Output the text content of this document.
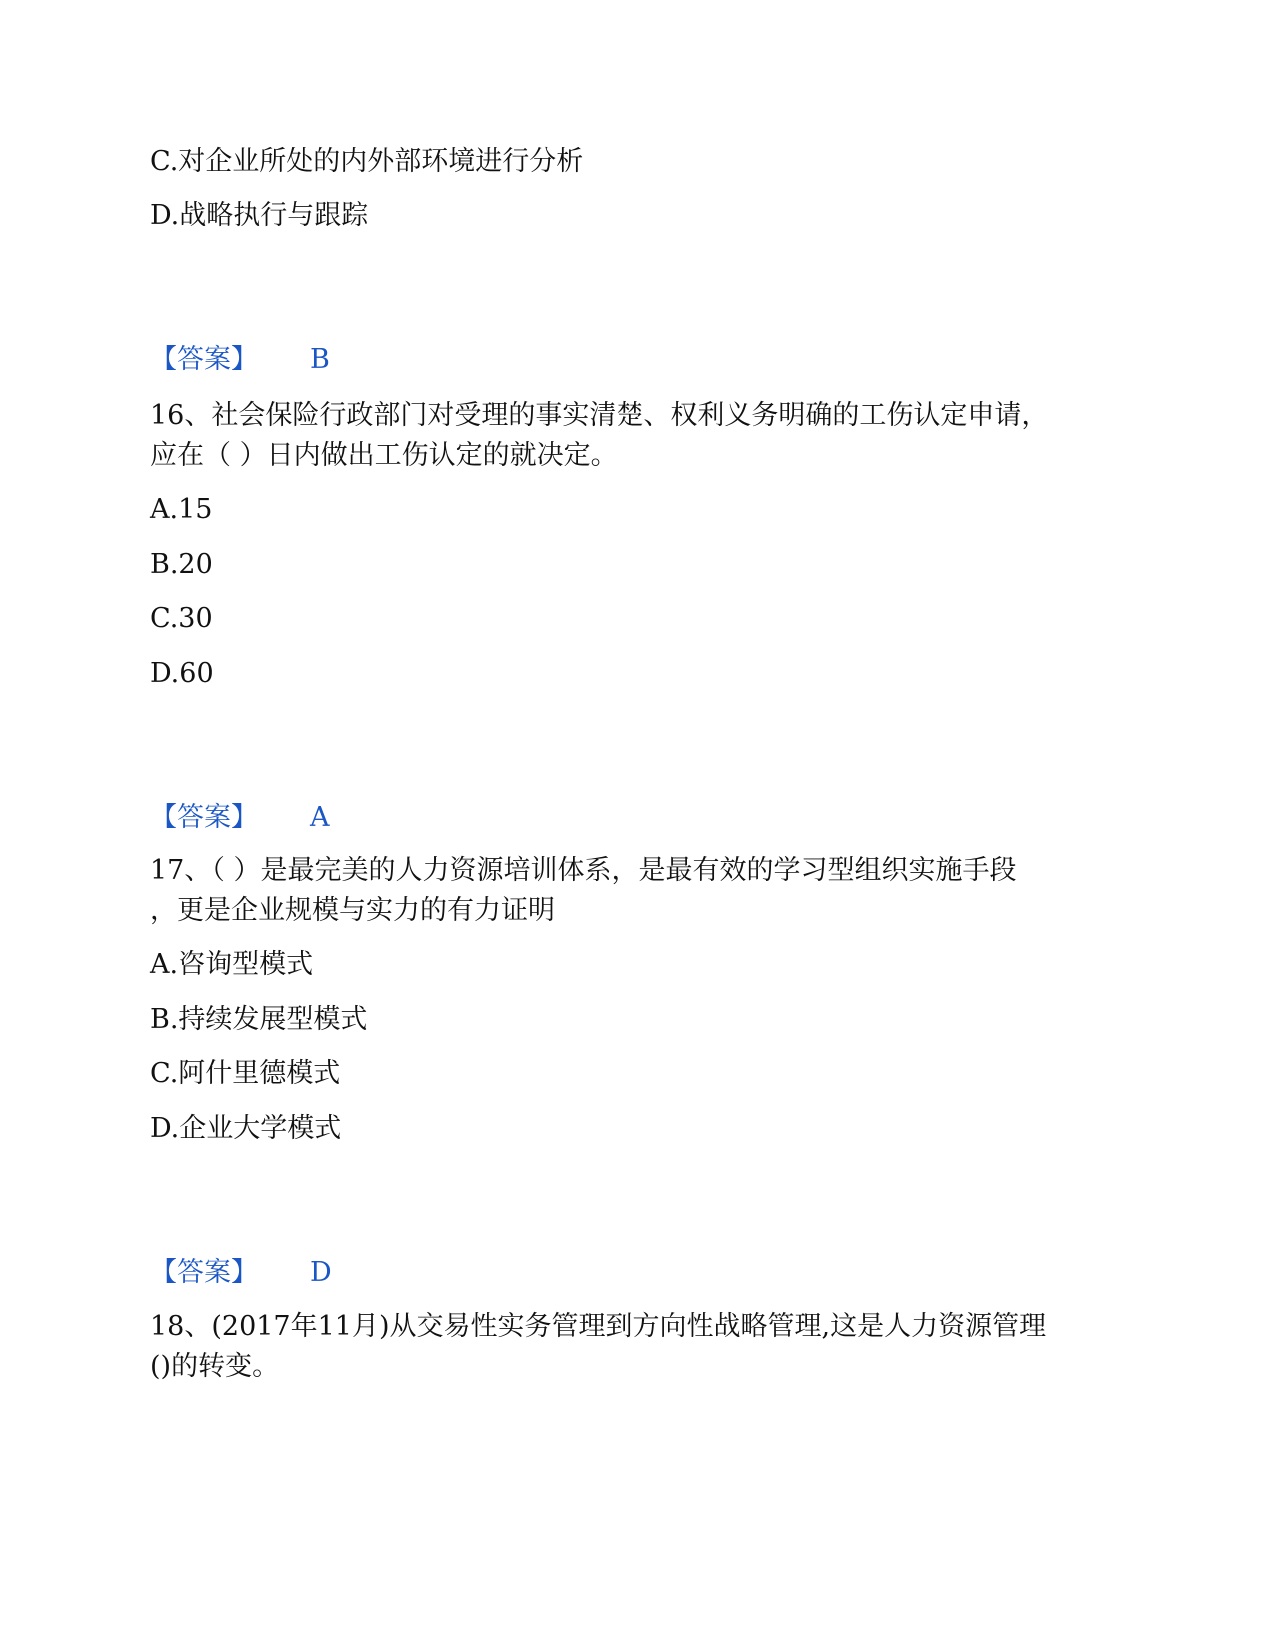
C.对企业所处的内外部环境进行分析
D.战略执行与跟踪
【答案】 B
16、社会保险行政部门对受理的事实清楚、权利义务明确的工伤认定申请，
应在（ ）日内做出工伤认定的就决定。
A.15
B.20
C.30
D.60
【答案】 A
17、（ ）是最完美的人力资源培训体系，是最有效的学习型组织实施手段
，更是企业规模与实力的有力证明
A.咨询型模式
B.持续发展型模式
C.阿什里德模式
D.企业大学模式
【答案】 D
18、(2017年11月)从交易性实务管理到方向性战略管理,这是人力资源管理
()的转变。
